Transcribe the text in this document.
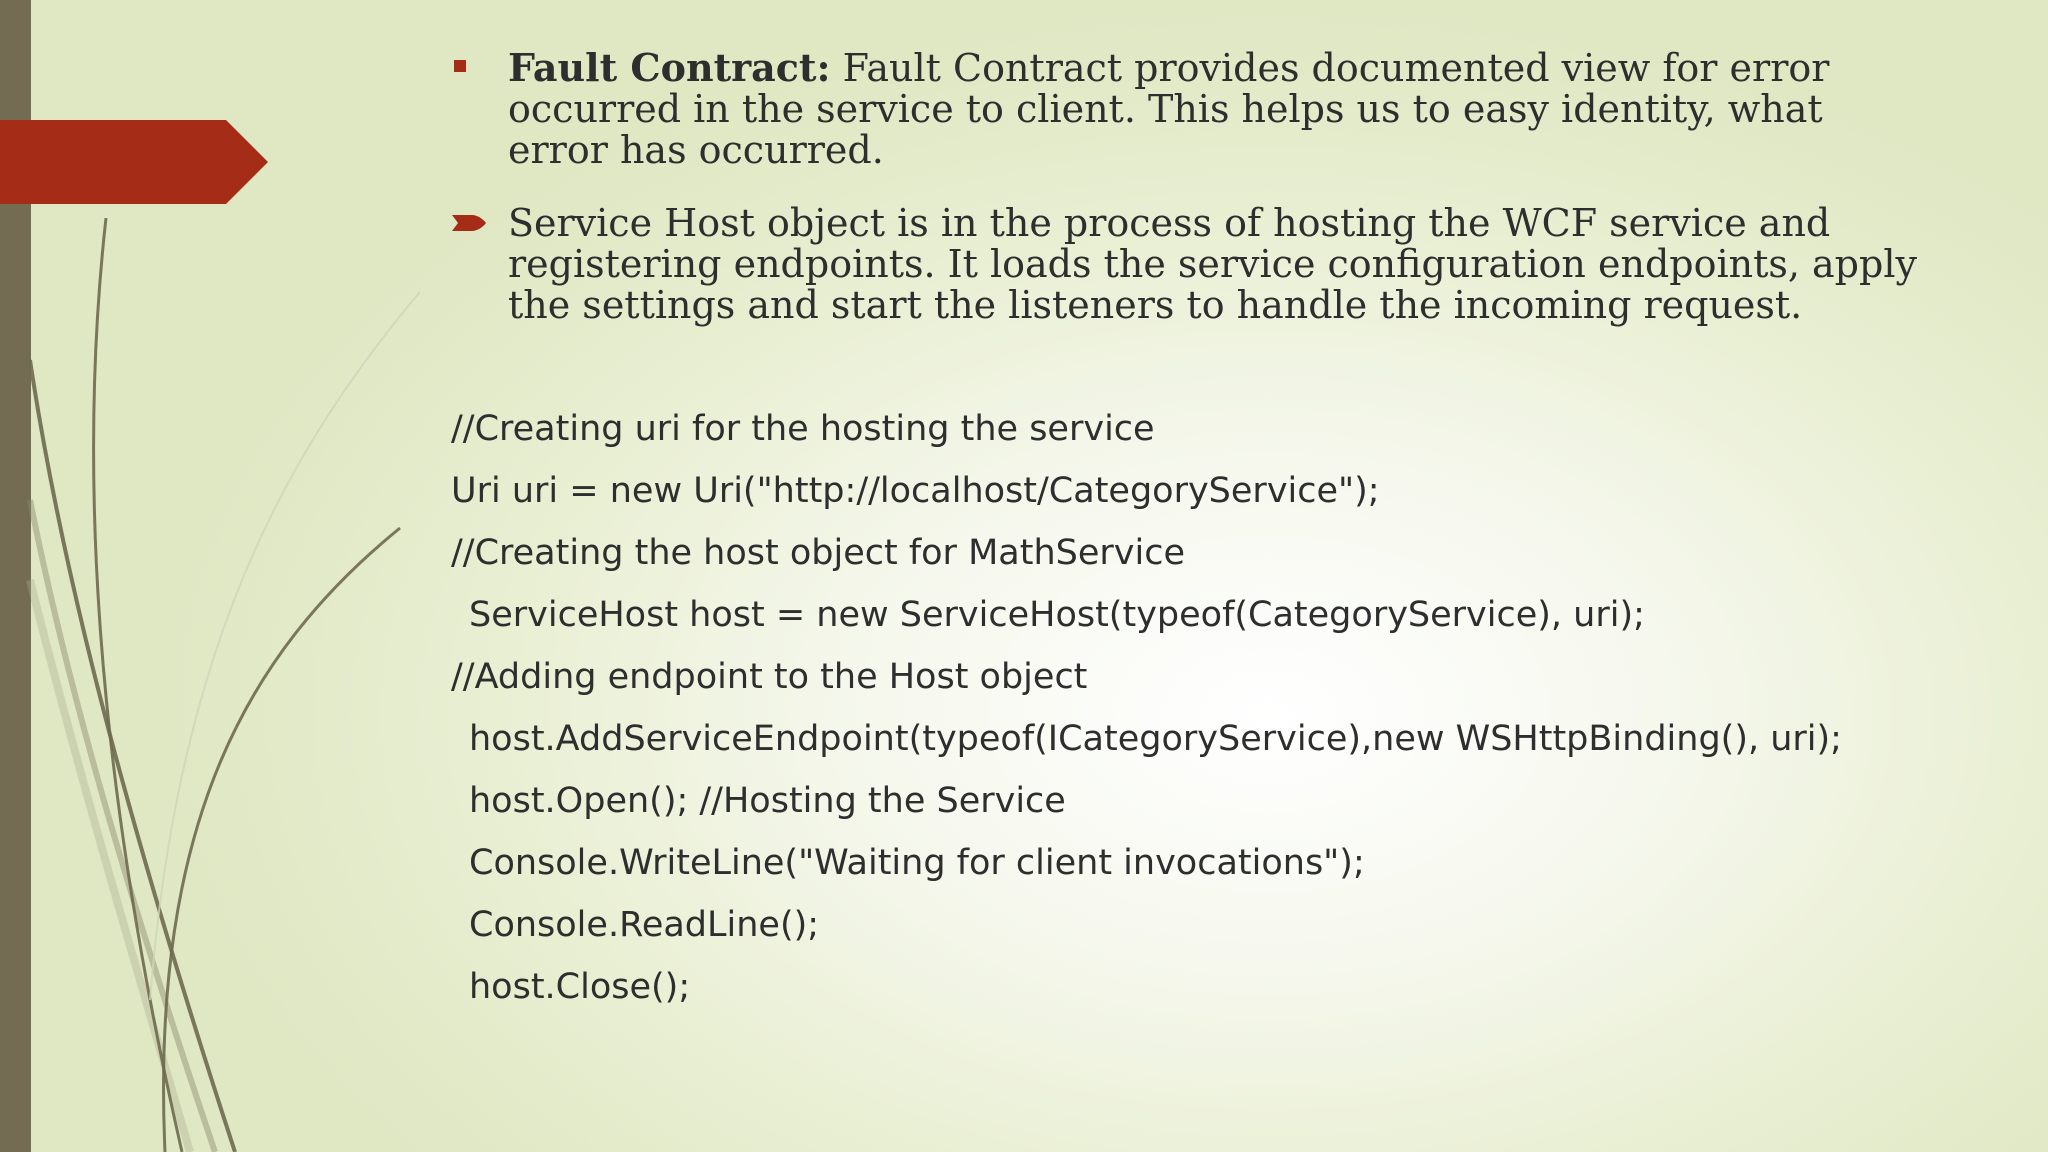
Fault Contract: Fault Contract provides documented view for error occurred in the service to client. This helps us to easy identity, what error has occurred.
Service Host object is in the process of hosting the WCF service and registering endpoints. It loads the service configuration endpoints, apply the settings and start the listeners to handle the incoming request.
//Creating uri for the hosting the service
Uri uri = new Uri("http://localhost/CategoryService");
//Creating the host object for MathService
ServiceHost host = new ServiceHost(typeof(CategoryService), uri);
//Adding endpoint to the Host object
host.AddServiceEndpoint(typeof(ICategoryService),new WSHttpBinding(), uri);
host.Open(); //Hosting the Service
Console.WriteLine("Waiting for client invocations");
Console.ReadLine();
host.Close();
